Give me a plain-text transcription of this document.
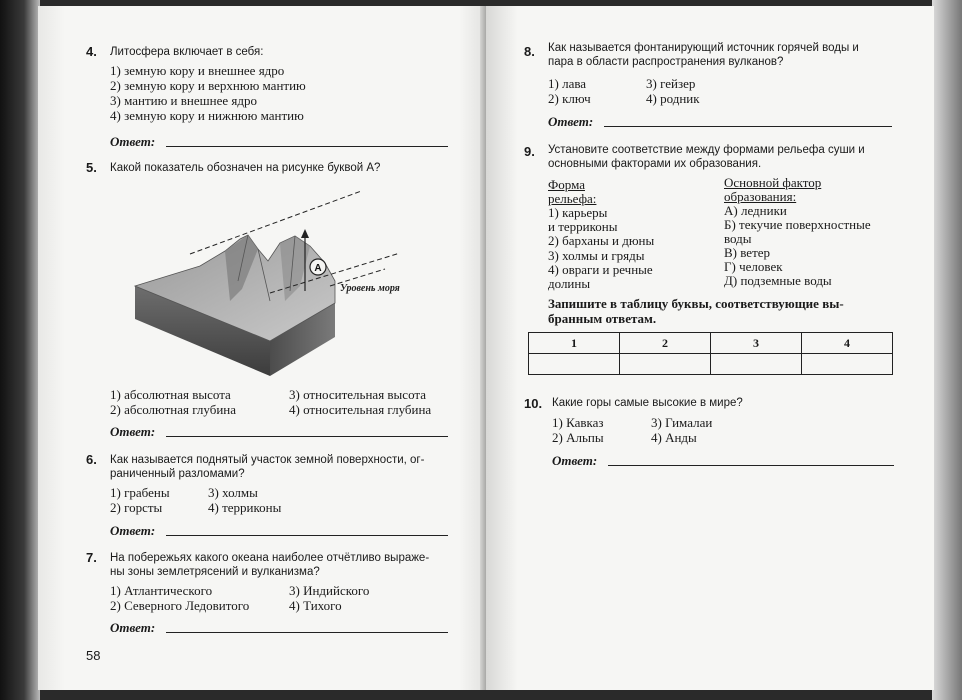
4. Литосфера включает в себя:
1) земную кору и внешнее ядро
2) земную кору и верхнюю мантию
3) мантию и внешнее ядро
4) земную кору и нижнюю мантию
Ответ:
5. Какой показатель обозначен на рисунке буквой А?
А
Уровень моря
1) абсолютная высота
2) абсолютная глубина
3) относительная высота
4) относительная глубина
Ответ:
6. Как называется поднятый участок земной поверхности, ог-
раниченный разломами?
1) грабены
2) горсты
3) холмы
4) терриконы
Ответ:
7. На побережьях какого океана наиболее отчётливо выраже-
ны зоны землетрясений и вулканизма?
1) Атлантического
2) Северного Ледовитого
3) Индийского
4) Тихого
Ответ:
58
8. Как называется фонтанирующий источник горячей воды и
пара в области распространения вулканов?
1) лава
2) ключ
3) гейзер
4) родник
Ответ:
9. Установите соответствие между формами рельефа суши и
основными факторами их образования.
Форма
рельефа:
1) карьеры
и терриконы
2) барханы и дюны
3) холмы и гряды
4) овраги и речные
долины
Основной фактор
образования:
А) ледники
Б) текучие поверхностные
воды
В) ветер
Г) человек
Д) подземные воды
Запишите в таблицу буквы, соответствующие вы-
бранным ответам.
1	2	3	4

10. Какие горы самые высокие в мире?
1) Кавказ
2) Альпы
3) Гималаи
4) Анды
Ответ:
